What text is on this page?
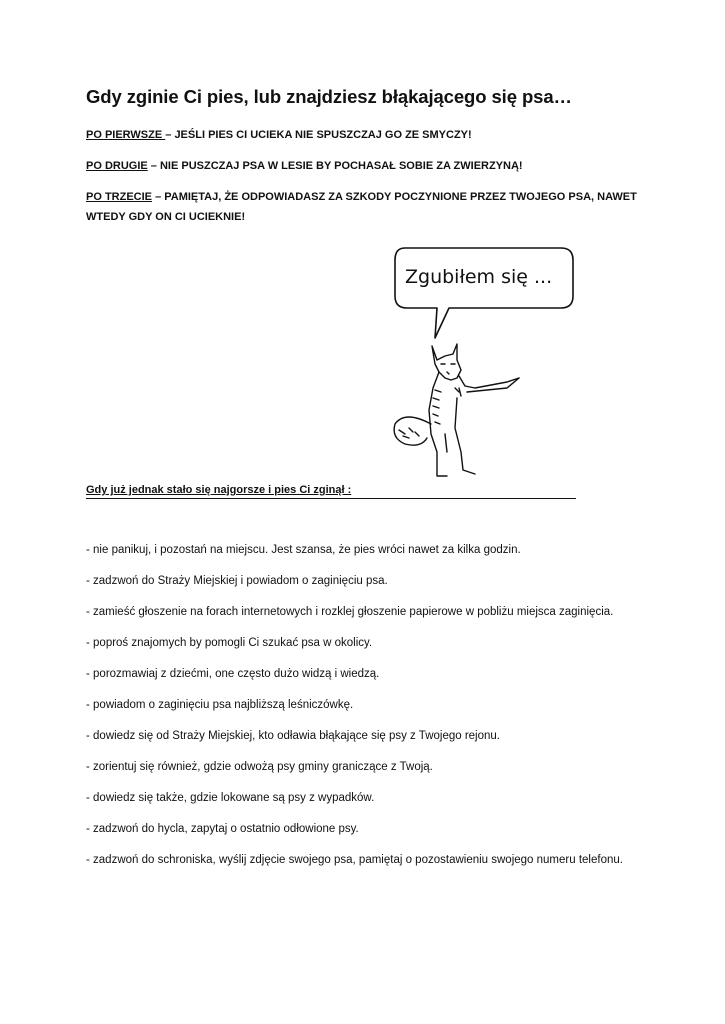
Gdy zginie Ci pies, lub znajdziesz błąkającego się psa…
PO PIERWSZE – JEŚLI PIES CI UCIEKA NIE SPUSZCZAJ GO ZE SMYCZY!
PO DRUGIE – NIE PUSZCZAJ PSA W LESIE BY POCHASAŁ SOBIE ZA ZWIERZYNĄ!
PO TRZECIE – PAMIĘTAJ, ŻE ODPOWIADASZ ZA SZKODY POCZYNIONE PRZEZ TWOJEGO PSA, NAWET WTEDY GDY ON CI UCIEKNIE!
Zgubiłem się ...
Gdy już jednak stało się najgorsze i pies Ci zginął :
- nie panikuj, i pozostań na miejscu. Jest szansa, że pies wróci nawet za kilka godzin.
- zadzwoń do Straży Miejskiej i powiadom o zaginięciu psa.
- zamieść głoszenie na forach internetowych i rozklej głoszenie papierowe w pobliżu miejsca zaginięcia.
- poproś znajomych by pomogli Ci szukać psa w okolicy.
- porozmawiaj z dziećmi, one często dużo widzą i wiedzą.
- powiadom o zaginięciu psa najbliższą leśniczówkę.
- dowiedz się od Straży Miejskiej, kto odławia błąkające się psy z Twojego rejonu.
- zorientuj się również, gdzie odwożą psy gminy graniczące z Twoją.
- dowiedz się także, gdzie lokowane są psy z wypadków.
- zadzwoń do hycla, zapytaj o ostatnio odłowione psy.
- zadzwoń do schroniska, wyślij zdjęcie swojego psa, pamiętaj o pozostawieniu swojego numeru telefonu.
